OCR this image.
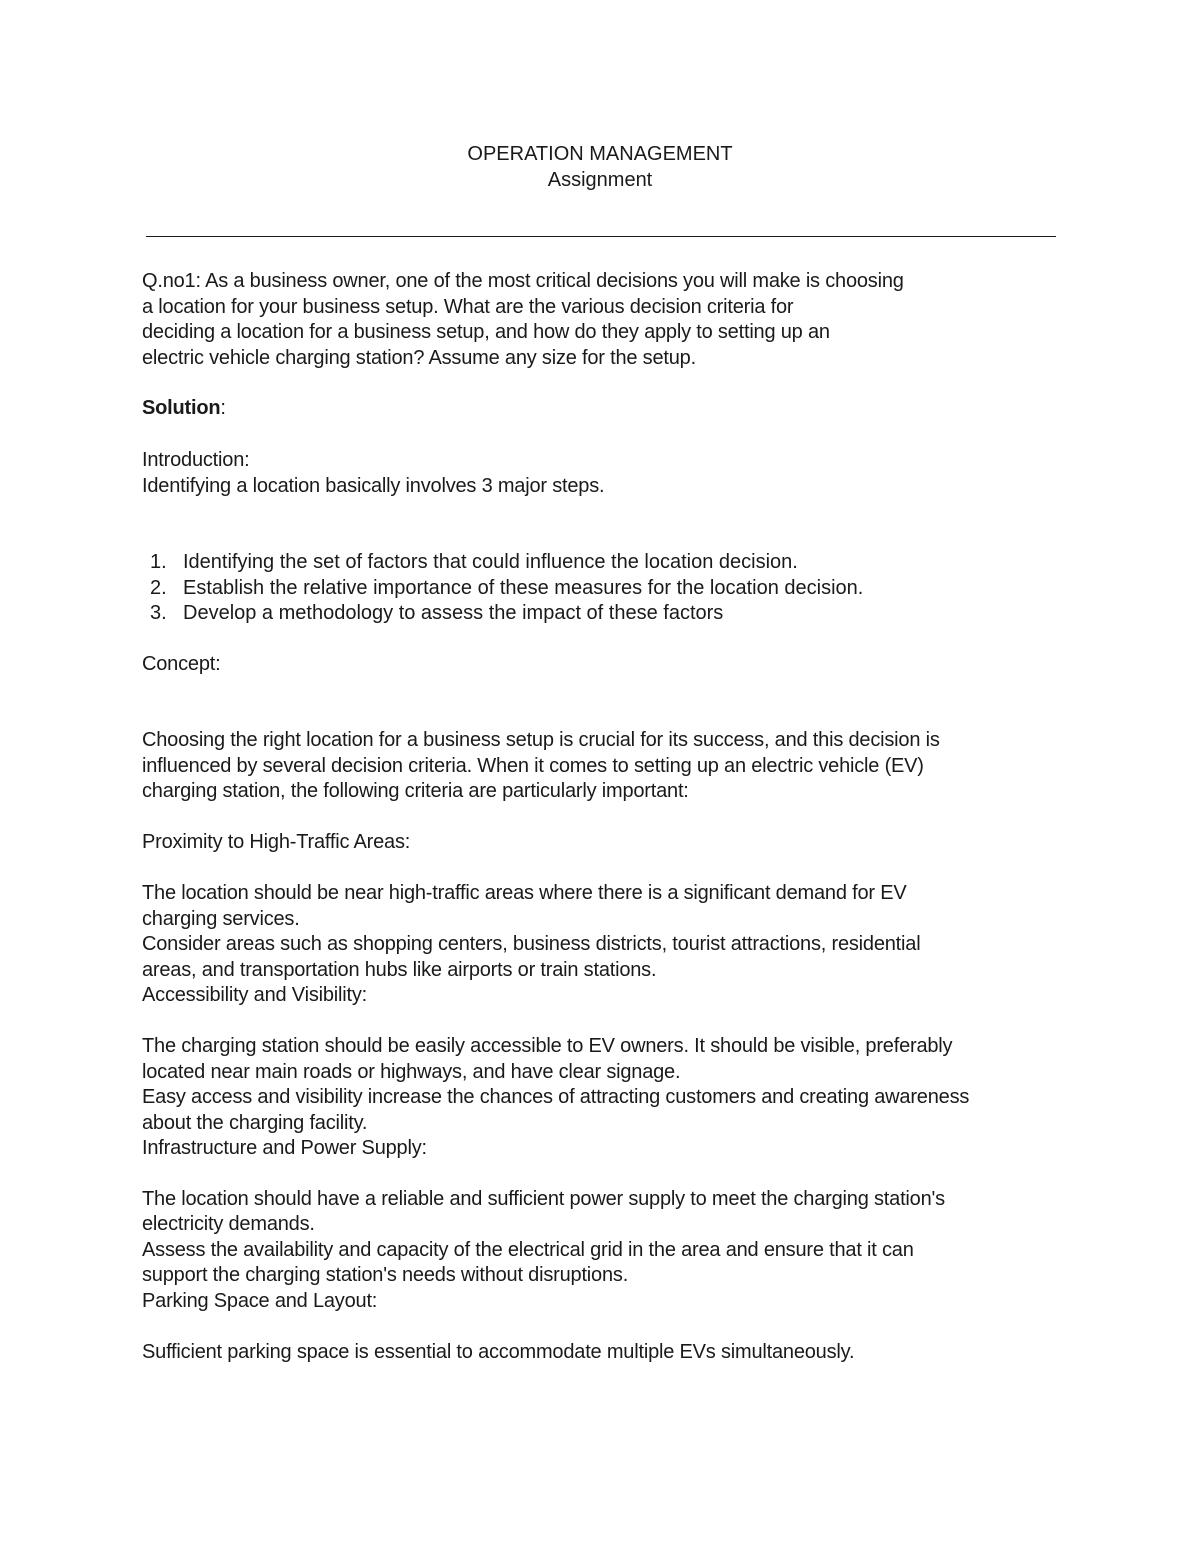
OPERATION MANAGEMENT
Assignment
Q.no1: As a business owner, one of the most critical decisions you will make is choosing
a location for your business setup. What are the various decision criteria for
deciding a location for a business setup, and how do they apply to setting up an
electric vehicle charging station? Assume any size for the setup.
Solution:
Introduction:
Identifying a location basically involves 3 major steps.
1. Identifying the set of factors that could influence the location decision.
2. Establish the relative importance of these measures for the location decision.
3. Develop a methodology to assess the impact of these factors
Concept:
Choosing the right location for a business setup is crucial for its success, and this decision is
influenced by several decision criteria. When it comes to setting up an electric vehicle (EV)
charging station, the following criteria are particularly important:
Proximity to High-Traffic Areas:
The location should be near high-traffic areas where there is a significant demand for EV
charging services.
Consider areas such as shopping centers, business districts, tourist attractions, residential
areas, and transportation hubs like airports or train stations.
Accessibility and Visibility:
The charging station should be easily accessible to EV owners. It should be visible, preferably
located near main roads or highways, and have clear signage.
Easy access and visibility increase the chances of attracting customers and creating awareness
about the charging facility.
Infrastructure and Power Supply:
The location should have a reliable and sufficient power supply to meet the charging station's
electricity demands.
Assess the availability and capacity of the electrical grid in the area and ensure that it can
support the charging station's needs without disruptions.
Parking Space and Layout:
Sufficient parking space is essential to accommodate multiple EVs simultaneously.
